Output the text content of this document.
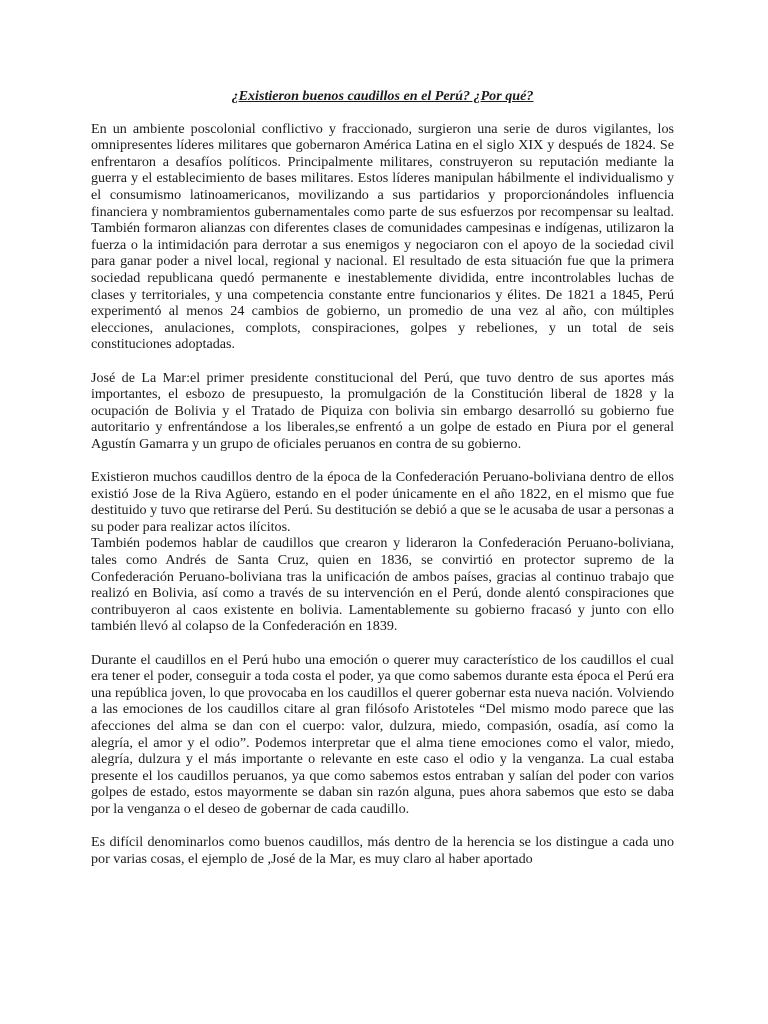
¿Existieron buenos caudillos en el Perú? ¿Por qué?

En un ambiente poscolonial conflictivo y fraccionado, surgieron una serie de duros vigilantes, los omnipresentes líderes militares que gobernaron América Latina en el siglo XIX y después de 1824. Se enfrentaron a desafíos políticos. Principalmente militares, construyeron su reputación mediante la guerra y el establecimiento de bases militares. Estos líderes manipulan hábilmente el individualismo y el consumismo latinoamericanos, movilizando a sus partidarios y proporcionándoles influencia financiera y nombramientos gubernamentales como parte de sus esfuerzos por recompensar su lealtad. También formaron alianzas con diferentes clases de comunidades campesinas e indígenas, utilizaron la fuerza o la intimidación para derrotar a sus enemigos y negociaron con el apoyo de la sociedad civil para ganar poder a nivel local, regional y nacional. El resultado de esta situación fue que la primera sociedad republicana quedó permanente e inestablemente dividida, entre incontrolables luchas de clases y territoriales, y una competencia constante entre funcionarios y élites. De 1821 a 1845, Perú experimentó al menos 24 cambios de gobierno, un promedio de una vez al año, con múltiples elecciones, anulaciones, complots, conspiraciones, golpes y rebeliones, y un total de seis constituciones adoptadas.

José de La Mar:el primer presidente constitucional del Perú, que tuvo dentro de sus aportes más importantes, el esbozo de presupuesto, la promulgación de la Constitución liberal de 1828 y la ocupación de Bolivia y el Tratado de Piquiza con bolivia sin embargo desarrolló su gobierno fue autoritario y enfrentándose a los liberales,se enfrentó a un golpe de estado en Piura por el general Agustín Gamarra y un grupo de oficiales peruanos en contra de su gobierno.

Existieron muchos caudillos dentro de la época de la Confederación Peruano-boliviana dentro de ellos existió Jose de la Riva Agüero, estando en el poder únicamente en el año 1822, en el mismo que fue destituido y tuvo que retirarse del Perú. Su destitución se debió a que se le acusaba de usar a personas a su poder para realizar actos ilícitos.

También podemos hablar de caudillos que crearon y lideraron la Confederación Peruano-boliviana, tales como Andrés de Santa Cruz, quien en 1836, se convirtió en protector supremo de la Confederación Peruano-boliviana tras la unificación de ambos países, gracias al continuo trabajo que realizó en Bolivia, así como a través de su intervención en el Perú, donde alentó conspiraciones que contribuyeron al caos existente en bolivia. Lamentablemente su gobierno fracasó y junto con ello también llevó al colapso de la Confederación en 1839.

Durante el caudillos en el Perú hubo una emoción o querer muy característico de los caudillos el cual era tener el poder, conseguir a toda costa el poder, ya que como sabemos durante esta época el Perú era una república joven, lo que provocaba en los caudillos el querer gobernar esta nueva nación. Volviendo a las emociones de los caudillos citare al gran filósofo Aristoteles “Del mismo modo parece que las afecciones del alma se dan con el cuerpo: valor, dulzura, miedo, compasión, osadía, así como la alegría, el amor y el odio”. Podemos interpretar que el alma tiene emociones como el valor, miedo, alegría, dulzura y el más importante o relevante en este caso el odio y la venganza. La cual estaba presente el los caudillos peruanos, ya que como sabemos estos entraban y salían del poder con varios golpes de estado, estos mayormente se daban sin razón alguna, pues ahora sabemos que esto se daba por la venganza o el deseo de gobernar de cada caudillo.

Es difícil denominarlos como buenos caudillos, más dentro de la herencia se los distingue a cada uno por varias cosas, el ejemplo de ,José de la Mar, es muy claro al haber aportado
